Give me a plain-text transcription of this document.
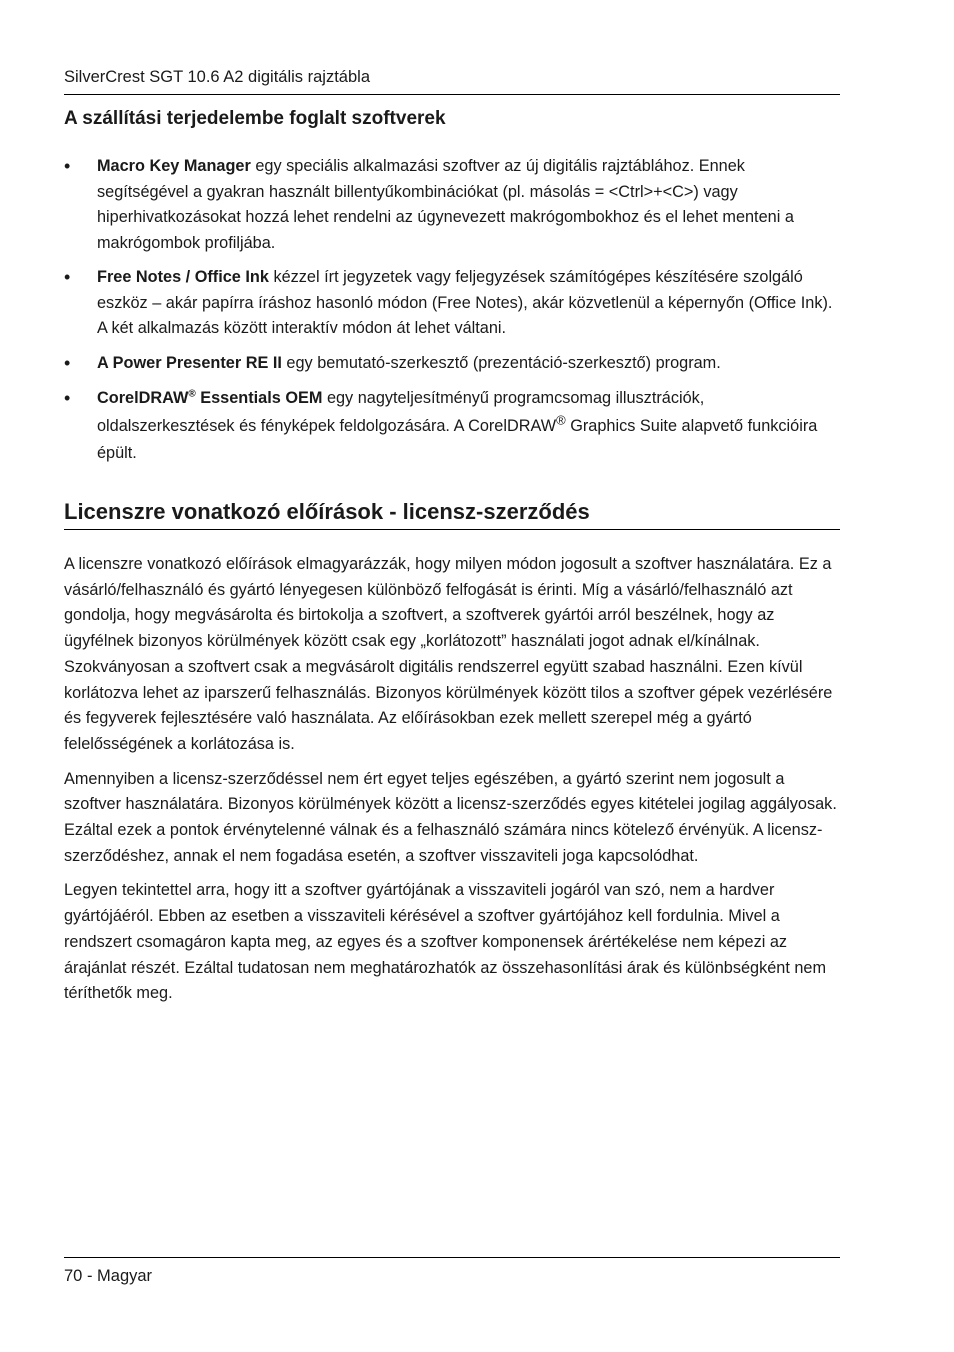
SilverCrest SGT 10.6 A2 digitális rajztábla
A szállítási terjedelembe foglalt szoftverek
• Macro Key Manager egy speciális alkalmazási szoftver az új digitális rajztáblához. Ennek segítségével a gyakran használt billentyűkombinációkat (pl. másolás = <Ctrl>+<C>) vagy hiperhivatkozásokat hozzá lehet rendelni az úgynevezett makrógombokhoz és el lehet menteni a makrógombok profiljába.
• Free Notes / Office Ink kézzel írt jegyzetek vagy feljegyzések számítógépes készítésére szolgáló eszköz – akár papírra íráshoz hasonló módon (Free Notes), akár közvetlenül a képernyőn (Office Ink). A két alkalmazás között interaktív módon át lehet váltani.
• A Power Presenter RE II egy bemutató-szerkesztő (prezentáció-szerkesztő) program.
• CorelDRAW® Essentials OEM egy nagyteljesítményű programcsomag illusztrációk, oldalszerkesztések és fényképek feldolgozására. A CorelDRAW® Graphics Suite alapvető funkcióira épült.
Licenszre vonatkozó előírások - licensz-szerződés

A licenszre vonatkozó előírások elmagyarázzák, hogy milyen módon jogosult a szoftver használatára. Ez a vásárló/felhasználó és gyártó lényegesen különböző felfogását is érinti. Míg a vásárló/felhasználó azt gondolja, hogy megvásárolta és birtokolja a szoftvert, a szoftverek gyártói arról beszélnek, hogy az ügyfélnek bizonyos körülmények között csak egy „korlátozott” használati jogot adnak el/kínálnak. Szokványosan a szoftvert csak a megvásárolt digitális rendszerrel együtt szabad használni. Ezen kívül korlátozva lehet az iparszerű felhasználás. Bizonyos körülmények között tilos a szoftver gépek vezérlésére és fegyverek fejlesztésére való használata. Az előírásokban ezek mellett szerepel még a gyártó felelősségének a korlátozása is.

Amennyiben a licensz-szerződéssel nem ért egyet teljes egészében, a gyártó szerint nem jogosult a szoftver használatára. Bizonyos körülmények között a licensz-szerződés egyes kitételei jogilag aggályosak. Ezáltal ezek a pontok érvénytelenné válnak és a felhasználó számára nincs kötelező érvényük. A licensz-szerződéshez, annak el nem fogadása esetén, a szoftver visszaviteli joga kapcsolódhat.

Legyen tekintettel arra, hogy itt a szoftver gyártójának a visszaviteli jogáról van szó, nem a hardver gyártójáéról. Ebben az esetben a visszaviteli kérésével a szoftver gyártójához kell fordulnia. Mivel a rendszert csomagáron kapta meg, az egyes és a szoftver komponensek árértékelése nem képezi az árajánlat részét. Ezáltal tudatosan nem meghatározhatók az összehasonlítási árak és különbségként nem téríthetők meg.

70 - Magyar
